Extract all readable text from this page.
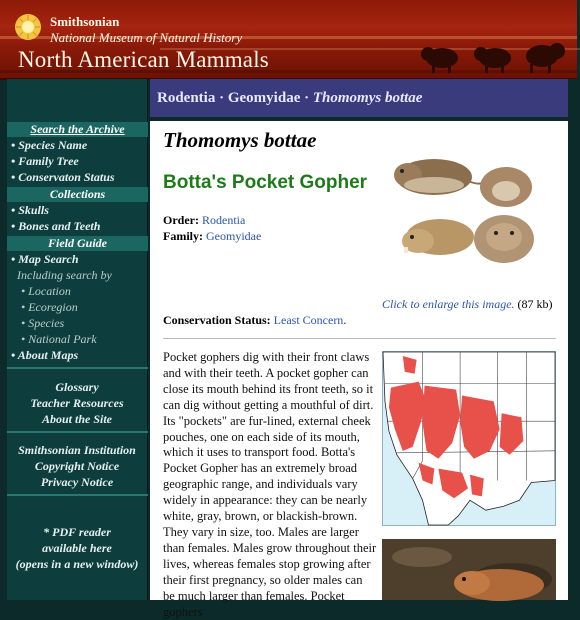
Smithsonian
National Museum of Natural History
North American Mammals
Search the Archive
• Species Name
• Family Tree
• Conservaton Status
Collections
• Skulls
• Bones and Teeth
Field Guide
• Map Search
Including search by
• Location
• Ecoregion
• Species
• National Park
• About Maps
Glossary
Teacher Resources
About the Site
Smithsonian Institution
Copyright Notice
Privacy Notice
* PDF reader
available here
(opens in a new window)
Rodentia · Geomyidae · Thomomys bottae
Thomomys bottae
Botta's Pocket Gopher
Order: Rodentia
Family: Geomyidae
Click to enlarge this image. (87 kb)
Conservation Status: Least Concern.
Pocket gophers dig with their front claws and with their teeth. A pocket gopher can close its mouth behind its front teeth, so it can dig without getting a mouthful of dirt. Its "pockets" are fur-lined, external cheek pouches, one on each side of its mouth, which it uses to transport food. Botta's Pocket Gopher has an extremely broad geographic range, and individuals vary widely in appearance: they can be nearly white, gray, brown, or blackish-brown. They vary in size, too. Males are larger than females. Males grow throughout their lives, whereas females stop growing after their first pregnancy, so older males can be much larger than females. Pocket gophers
